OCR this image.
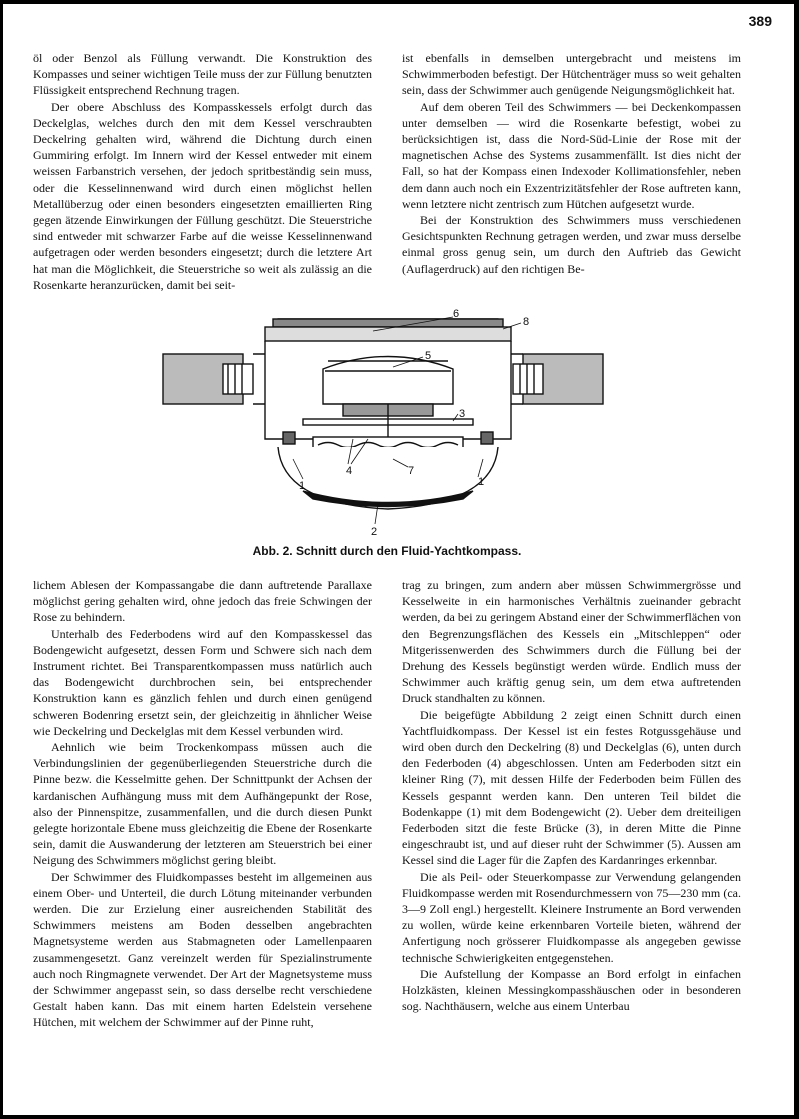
389

öl oder Benzol als Füllung verwandt. Die Konstruktion des Kompasses und seiner wichtigen Teile muss der zur Füllung benutzten Flüssigkeit entsprechend Rechnung tragen.

Der obere Abschluss des Kompasskessels erfolgt durch das Deckelglas, welches durch den mit dem Kessel verschraubten Deckelring gehalten wird, während die Dichtung durch einen Gummiring erfolgt. Im Innern wird der Kessel entweder mit einem weissen Farbanstrich versehen, der jedoch spritbeständig sein muss, oder die Kesselinnenwand wird durch einen möglichst hellen Metallüberzug oder einen besonders eingesetzten emaillierten Ring gegen ätzende Einwirkungen der Füllung geschützt. Die Steuerstriche sind entweder mit schwarzer Farbe auf die weisse Kesselinnenwand aufgetragen oder werden besonders eingesetzt; durch die letztere Art hat man die Möglichkeit, die Steuerstriche so weit als zulässig an die Rosenkarte heranzurücken, damit bei seit-

ist ebenfalls in demselben untergebracht und meistens im Schwimmerboden befestigt. Der Hütchenträger muss so weit gehalten sein, dass der Schwimmer auch genügende Neigungsmöglichkeit hat.

Auf dem oberen Teil des Schwimmers — bei Deckenkompassen unter demselben — wird die Rosenkarte befestigt, wobei zu berücksichtigen ist, dass die Nord-Süd-Linie der Rose mit der magnetischen Achse des Systems zusammenfällt. Ist dies nicht der Fall, so hat der Kompass einen Indexoder Kollimationsfehler, neben dem dann auch noch ein Exzentrizitätsfehler der Rose auftreten kann, wenn letztere nicht zentrisch zum Hütchen aufgesetzt wurde.

Bei der Konstruktion des Schwimmers muss verschiedenen Gesichtspunkten Rechnung getragen werden, und zwar muss derselbe einmal gross genug sein, um durch den Auftrieb das Gewicht (Auflagerdruck) auf den richtigen Be-

6
8
5
3
4	7
1	1
2
Abb. 2. Schnitt durch den Fluid-Yachtkompass.

lichem Ablesen der Kompassangabe die dann auftretende Parallaxe möglichst gering gehalten wird, ohne jedoch das freie Schwingen der Rose zu behindern.

Unterhalb des Federbodens wird auf den Kompasskessel das Bodengewicht aufgesetzt, dessen Form und Schwere sich nach dem Instrument richtet. Bei Transparentkompassen muss natürlich auch das Bodengewicht durchbrochen sein, bei entsprechender Konstruktion kann es gänzlich fehlen und durch einen genügend schweren Bodenring ersetzt sein, der gleichzeitig in ähnlicher Weise wie Deckelring und Deckelglas mit dem Kessel verbunden wird.

Aehnlich wie beim Trockenkompass müssen auch die Verbindungslinien der gegenüberliegenden Steuerstriche durch die Pinne bezw. die Kesselmitte gehen. Der Schnittpunkt der Achsen der kardanischen Aufhängung muss mit dem Aufhängepunkt der Rose, also der Pinnenspitze, zusammenfallen, und die durch diesen Punkt gelegte horizontale Ebene muss gleichzeitig die Ebene der Rosenkarte sein, damit die Auswanderung der letzteren am Steuerstrich bei einer Neigung des Schwimmers möglichst gering bleibt.

Der Schwimmer des Fluidkompasses besteht im allgemeinen aus einem Ober- und Unterteil, die durch Lötung miteinander verbunden werden. Die zur Erzielung einer ausreichenden Stabilität des Schwimmers meistens am Boden desselben angebrachten Magnetsysteme werden aus Stabmagneten oder Lamellenpaaren zusammengesetzt. Ganz vereinzelt werden für Spezialinstrumente auch noch Ringmagnete verwendet. Der Art der Magnetsysteme muss der Schwimmer angepasst sein, so dass derselbe recht verschiedene Gestalt haben kann. Das mit einem harten Edelstein versehene Hütchen, mit welchem der Schwimmer auf der Pinne ruht,

trag zu bringen, zum andern aber müssen Schwimmergrösse und Kesselweite in ein harmonisches Verhältnis zueinander gebracht werden, da bei zu geringem Abstand einer der Schwimmerflächen von den Begrenzungsflächen des Kessels ein „Mitschleppen“ oder Mitgerissenwerden des Schwimmers durch die Füllung bei der Drehung des Kessels begünstigt werden würde. Endlich muss der Schwimmer auch kräftig genug sein, um dem etwa auftretenden Druck standhalten zu können.

Die beigefügte Abbildung 2 zeigt einen Schnitt durch einen Yachtfluidkompass. Der Kessel ist ein festes Rotgussgehäuse und wird oben durch den Deckelring (8) und Deckelglas (6), unten durch den Federboden (4) abgeschlossen. Unten am Federboden sitzt ein kleiner Ring (7), mit dessen Hilfe der Federboden beim Füllen des Kessels gespannt werden kann. Den unteren Teil bildet die Bodenkappe (1) mit dem Bodengewicht (2). Ueber dem dreiteiligen Federboden sitzt die feste Brücke (3), in deren Mitte die Pinne eingeschraubt ist, und auf dieser ruht der Schwimmer (5). Aussen am Kessel sind die Lager für die Zapfen des Kardanringes erkennbar.

Die als Peil- oder Steuerkompasse zur Verwendung gelangenden Fluidkompasse werden mit Rosendurchmessern von 75—230 mm (ca. 3—9 Zoll engl.) hergestellt. Kleinere Instrumente an Bord verwenden zu wollen, würde keine erkennbaren Vorteile bieten, während der Anfertigung noch grösserer Fluidkompasse als angegeben gewisse technische Schwierigkeiten entgegenstehen.

Die Aufstellung der Kompasse an Bord erfolgt in einfachen Holzkästen, kleinen Messingkompasshäuschen oder in besonderen sog. Nachthäusern, welche aus einem Unterbau
